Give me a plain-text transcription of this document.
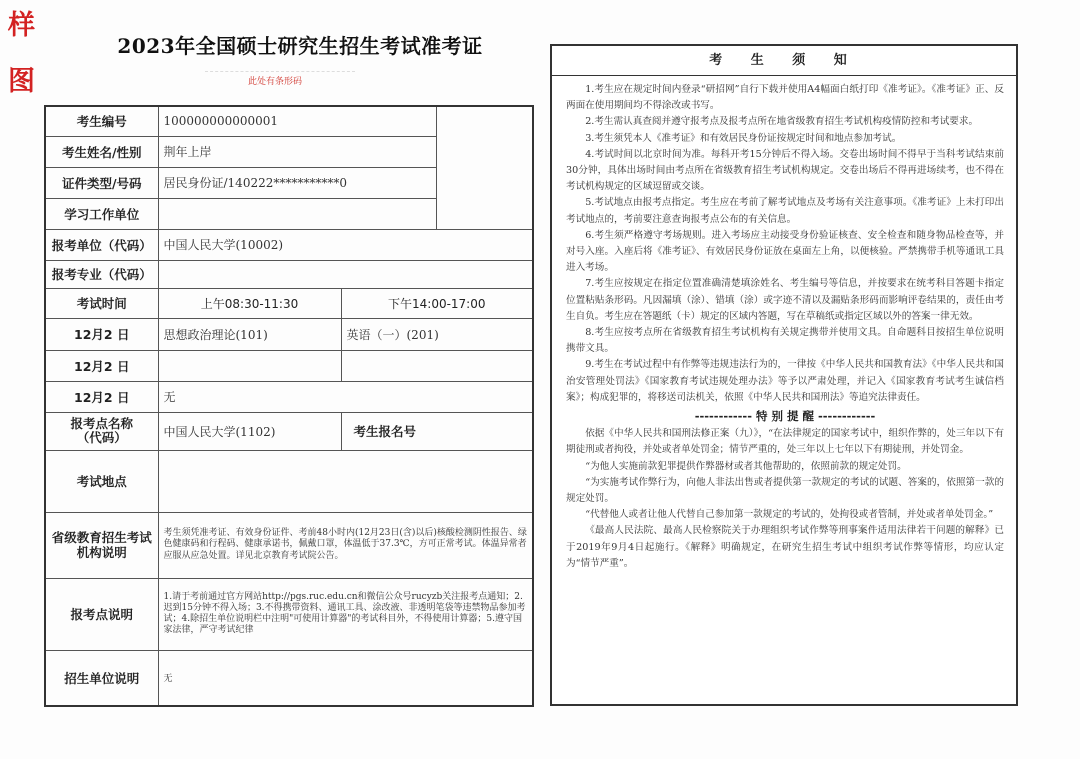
样
图
2023年全国硕士研究生招生考试准考证
此处有条形码
考生编号	100000000000001		
考生姓名/性别	荆年上岸		
证件类型/号码	居民身份证/140222***********0		
学习工作单位			
报考单位（代码）	中国人民大学(10002)		
报考专业（代码）			
考试时间	上午08:30-11:30	下午14:00-17:00	
12月2 日	思想政治理论(101)	英语（一）(201)	
12月2 日			
12月2 日	无		
报考点名称
（代码）	中国人民大学(1102)	考生报名号	
考试地点			
省级教育招生考试机构说明	考生须凭准考证、有效身份证件、考前48小时内(12月23日(含)以后)核酸检测阴性报告、绿色健康码和行程码、健康承诺书，佩戴口罩，体温低于37.3℃，方可正常考试。体温异常者应服从应急处置。详见北京教育考试院公告。		
报考点说明	1.请于考前通过官方网站http://pgs.ruc.edu.cn和微信公众号rucyzb关注报考点通知；2.迟到15分钟不得入场；3.不得携带资料、通讯工具、涂改液、非透明笔袋等违禁物品参加考试；4.除招生单位说明栏中注明"可使用计算器"的考试科目外，不得使用计算器；5.遵守国家法律，严守考试纪律		
招生单位说明	无		
考 生 须 知

1.考生应在规定时间内登录“研招网”自行下载并使用A4幅面白纸打印《准考证》。《准考证》正、反两面在使用期间均不得涂改或书写。

2.考生需认真查阅并遵守报考点及报考点所在地省级教育招生考试机构疫情防控和考试要求。

3.考生须凭本人《准考证》和有效居民身份证按规定时间和地点参加考试。

4.考试时间以北京时间为准。每科开考15分钟后不得入场。交卷出场时间不得早于当科考试结束前30分钟，具体出场时间由考点所在省级教育招生考试机构规定。交卷出场后不得再进场续考，也不得在考试机构规定的区域逗留或交谈。

5.考试地点由报考点指定。考生应在考前了解考试地点及考场有关注意事项。《准考证》上未打印出考试地点的，考前要注意查询报考点公布的有关信息。

6.考生须严格遵守考场规则。进入考场应主动接受身份验证核查、安全检查和随身物品检查等，并对号入座。入座后将《准考证》、有效居民身份证放在桌面左上角，以便核验。严禁携带手机等通讯工具进入考场。

7.考生应按规定在指定位置准确清楚填涂姓名、考生编号等信息，并按要求在统考科目答题卡指定位置粘贴条形码。凡因漏填（涂）、错填（涂）或字迹不清以及漏贴条形码而影响评卷结果的，责任由考生自负。考生应在答题纸（卡）规定的区域内答题，写在草稿纸或指定区域以外的答案一律无效。

8.考生应按考点所在省级教育招生考试机构有关规定携带并使用文具。自命题科目按招生单位说明携带文具。

9.考生在考试过程中有作弊等违规违法行为的，一律按《中华人民共和国教育法》《中华人民共和国治安管理处罚法》《国家教育考试违规处理办法》等予以严肃处理，并记入《国家教育考试考生诚信档案》；构成犯罪的，将移送司法机关，依照《中华人民共和国刑法》等追究法律责任。

------------ 特 别 提 醒 ------------

依据《中华人民共和国刑法修正案（九）》，“在法律规定的国家考试中，组织作弊的，处三年以下有期徒刑或者拘役，并处或者单处罚金；情节严重的，处三年以上七年以下有期徒刑，并处罚金。

“为他人实施前款犯罪提供作弊器材或者其他帮助的，依照前款的规定处罚。

“为实施考试作弊行为，向他人非法出售或者提供第一款规定的考试的试题、答案的，依照第一款的规定处罚。

“代替他人或者让他人代替自己参加第一款规定的考试的，处拘役或者管制，并处或者单处罚金。”

《最高人民法院、最高人民检察院关于办理组织考试作弊等刑事案件适用法律若干问题的解释》已于2019年9月4日起施行。《解释》明确规定，在研究生招生考试中组织考试作弊等情形，均应认定为“情节严重”。
